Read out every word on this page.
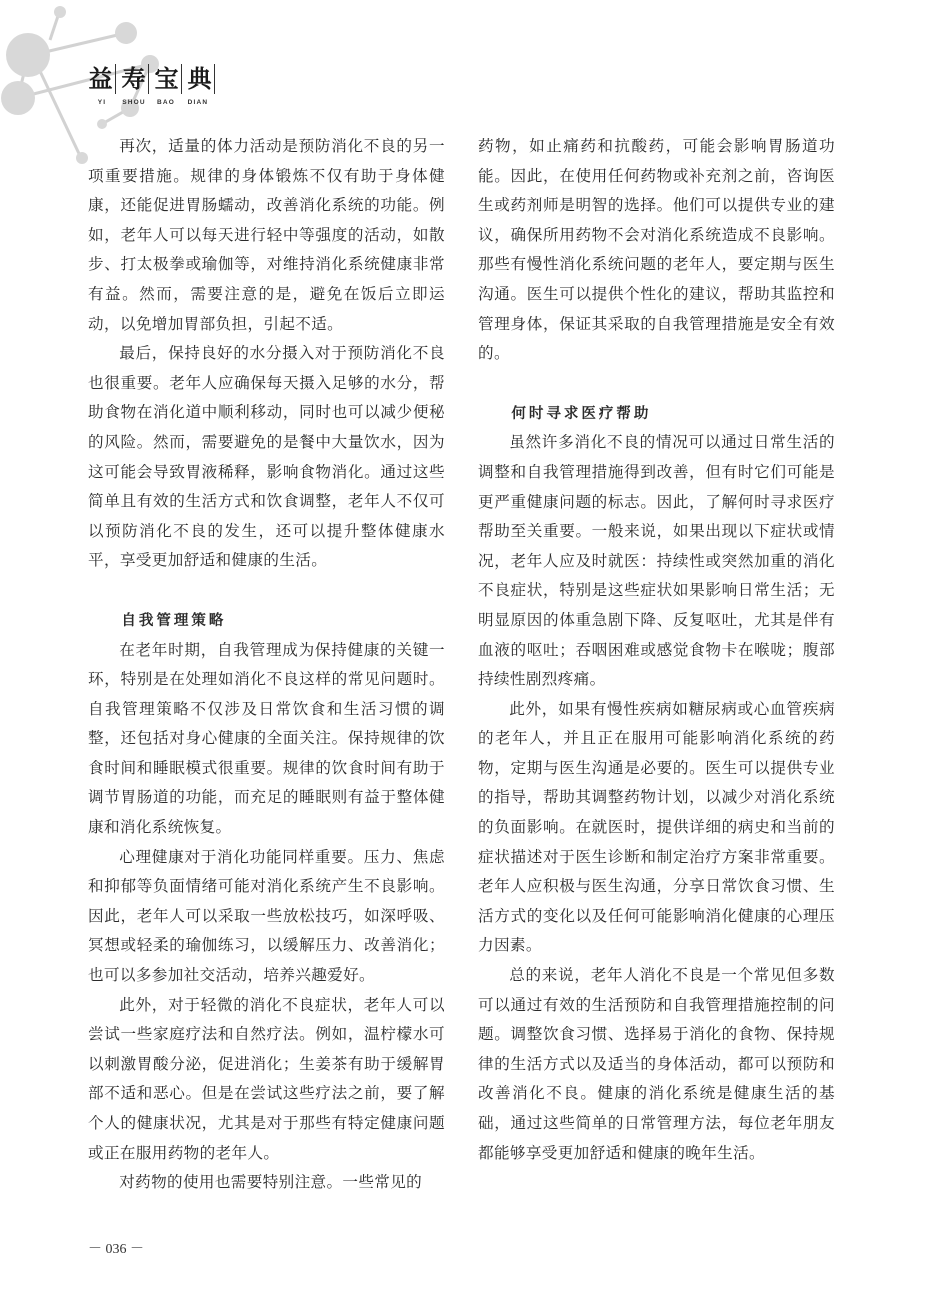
益 寿 宝 典
YI	SHOU	BAO	DIAN

再次，适量的体力活动是预防消化不良的另一项重要措施。规律的身体锻炼不仅有助于身体健康，还能促进胃肠蠕动，改善消化系统的功能。例如，老年人可以每天进行轻中等强度的活动，如散步、打太极拳或瑜伽等，对维持消化系统健康非常有益。然而，需要注意的是，避免在饭后立即运动，以免增加胃部负担，引起不适。

最后，保持良好的水分摄入对于预防消化不良也很重要。老年人应确保每天摄入足够的水分，帮助食物在消化道中顺利移动，同时也可以减少便秘的风险。然而，需要避免的是餐中大量饮水，因为这可能会导致胃液稀释，影响食物消化。通过这些简单且有效的生活方式和饮食调整，老年人不仅可以预防消化不良的发生，还可以提升整体健康水平，享受更加舒适和健康的生活。

自我管理策略

在老年时期，自我管理成为保持健康的关键一环，特别是在处理如消化不良这样的常见问题时。自我管理策略不仅涉及日常饮食和生活习惯的调整，还包括对身心健康的全面关注。保持规律的饮食时间和睡眠模式很重要。规律的饮食时间有助于调节胃肠道的功能，而充足的睡眠则有益于整体健康和消化系统恢复。

心理健康对于消化功能同样重要。压力、焦虑和抑郁等负面情绪可能对消化系统产生不良影响。因此，老年人可以采取一些放松技巧，如深呼吸、冥想或轻柔的瑜伽练习，以缓解压力、改善消化；也可以多参加社交活动，培养兴趣爱好。

此外，对于轻微的消化不良症状，老年人可以尝试一些家庭疗法和自然疗法。例如，温柠檬水可以刺激胃酸分泌，促进消化；生姜茶有助于缓解胃部不适和恶心。但是在尝试这些疗法之前，要了解个人的健康状况，尤其是对于那些有特定健康问题或正在服用药物的老年人。

对药物的使用也需要特别注意。一些常见的

药物，如止痛药和抗酸药，可能会影响胃肠道功能。因此，在使用任何药物或补充剂之前，咨询医生或药剂师是明智的选择。他们可以提供专业的建议，确保所用药物不会对消化系统造成不良影响。那些有慢性消化系统问题的老年人，要定期与医生沟通。医生可以提供个性化的建议，帮助其监控和管理身体，保证其采取的自我管理措施是安全有效的。

何时寻求医疗帮助

虽然许多消化不良的情况可以通过日常生活的调整和自我管理措施得到改善，但有时它们可能是更严重健康问题的标志。因此，了解何时寻求医疗帮助至关重要。一般来说，如果出现以下症状或情况，老年人应及时就医：持续性或突然加重的消化不良症状，特别是这些症状如果影响日常生活；无明显原因的体重急剧下降、反复呕吐，尤其是伴有血液的呕吐；吞咽困难或感觉食物卡在喉咙；腹部持续性剧烈疼痛。

此外，如果有慢性疾病如糖尿病或心血管疾病的老年人，并且正在服用可能影响消化系统的药物，定期与医生沟通是必要的。医生可以提供专业的指导，帮助其调整药物计划，以减少对消化系统的负面影响。在就医时，提供详细的病史和当前的症状描述对于医生诊断和制定治疗方案非常重要。老年人应积极与医生沟通，分享日常饮食习惯、生活方式的变化以及任何可能影响消化健康的心理压力因素。

总的来说，老年人消化不良是一个常见但多数可以通过有效的生活预防和自我管理措施控制的问题。调整饮食习惯、选择易于消化的食物、保持规律的生活方式以及适当的身体活动，都可以预防和改善消化不良。健康的消化系统是健康生活的基础，通过这些简单的日常管理方法，每位老年朋友都能够享受更加舒适和健康的晚年生活。

－ 036 －
